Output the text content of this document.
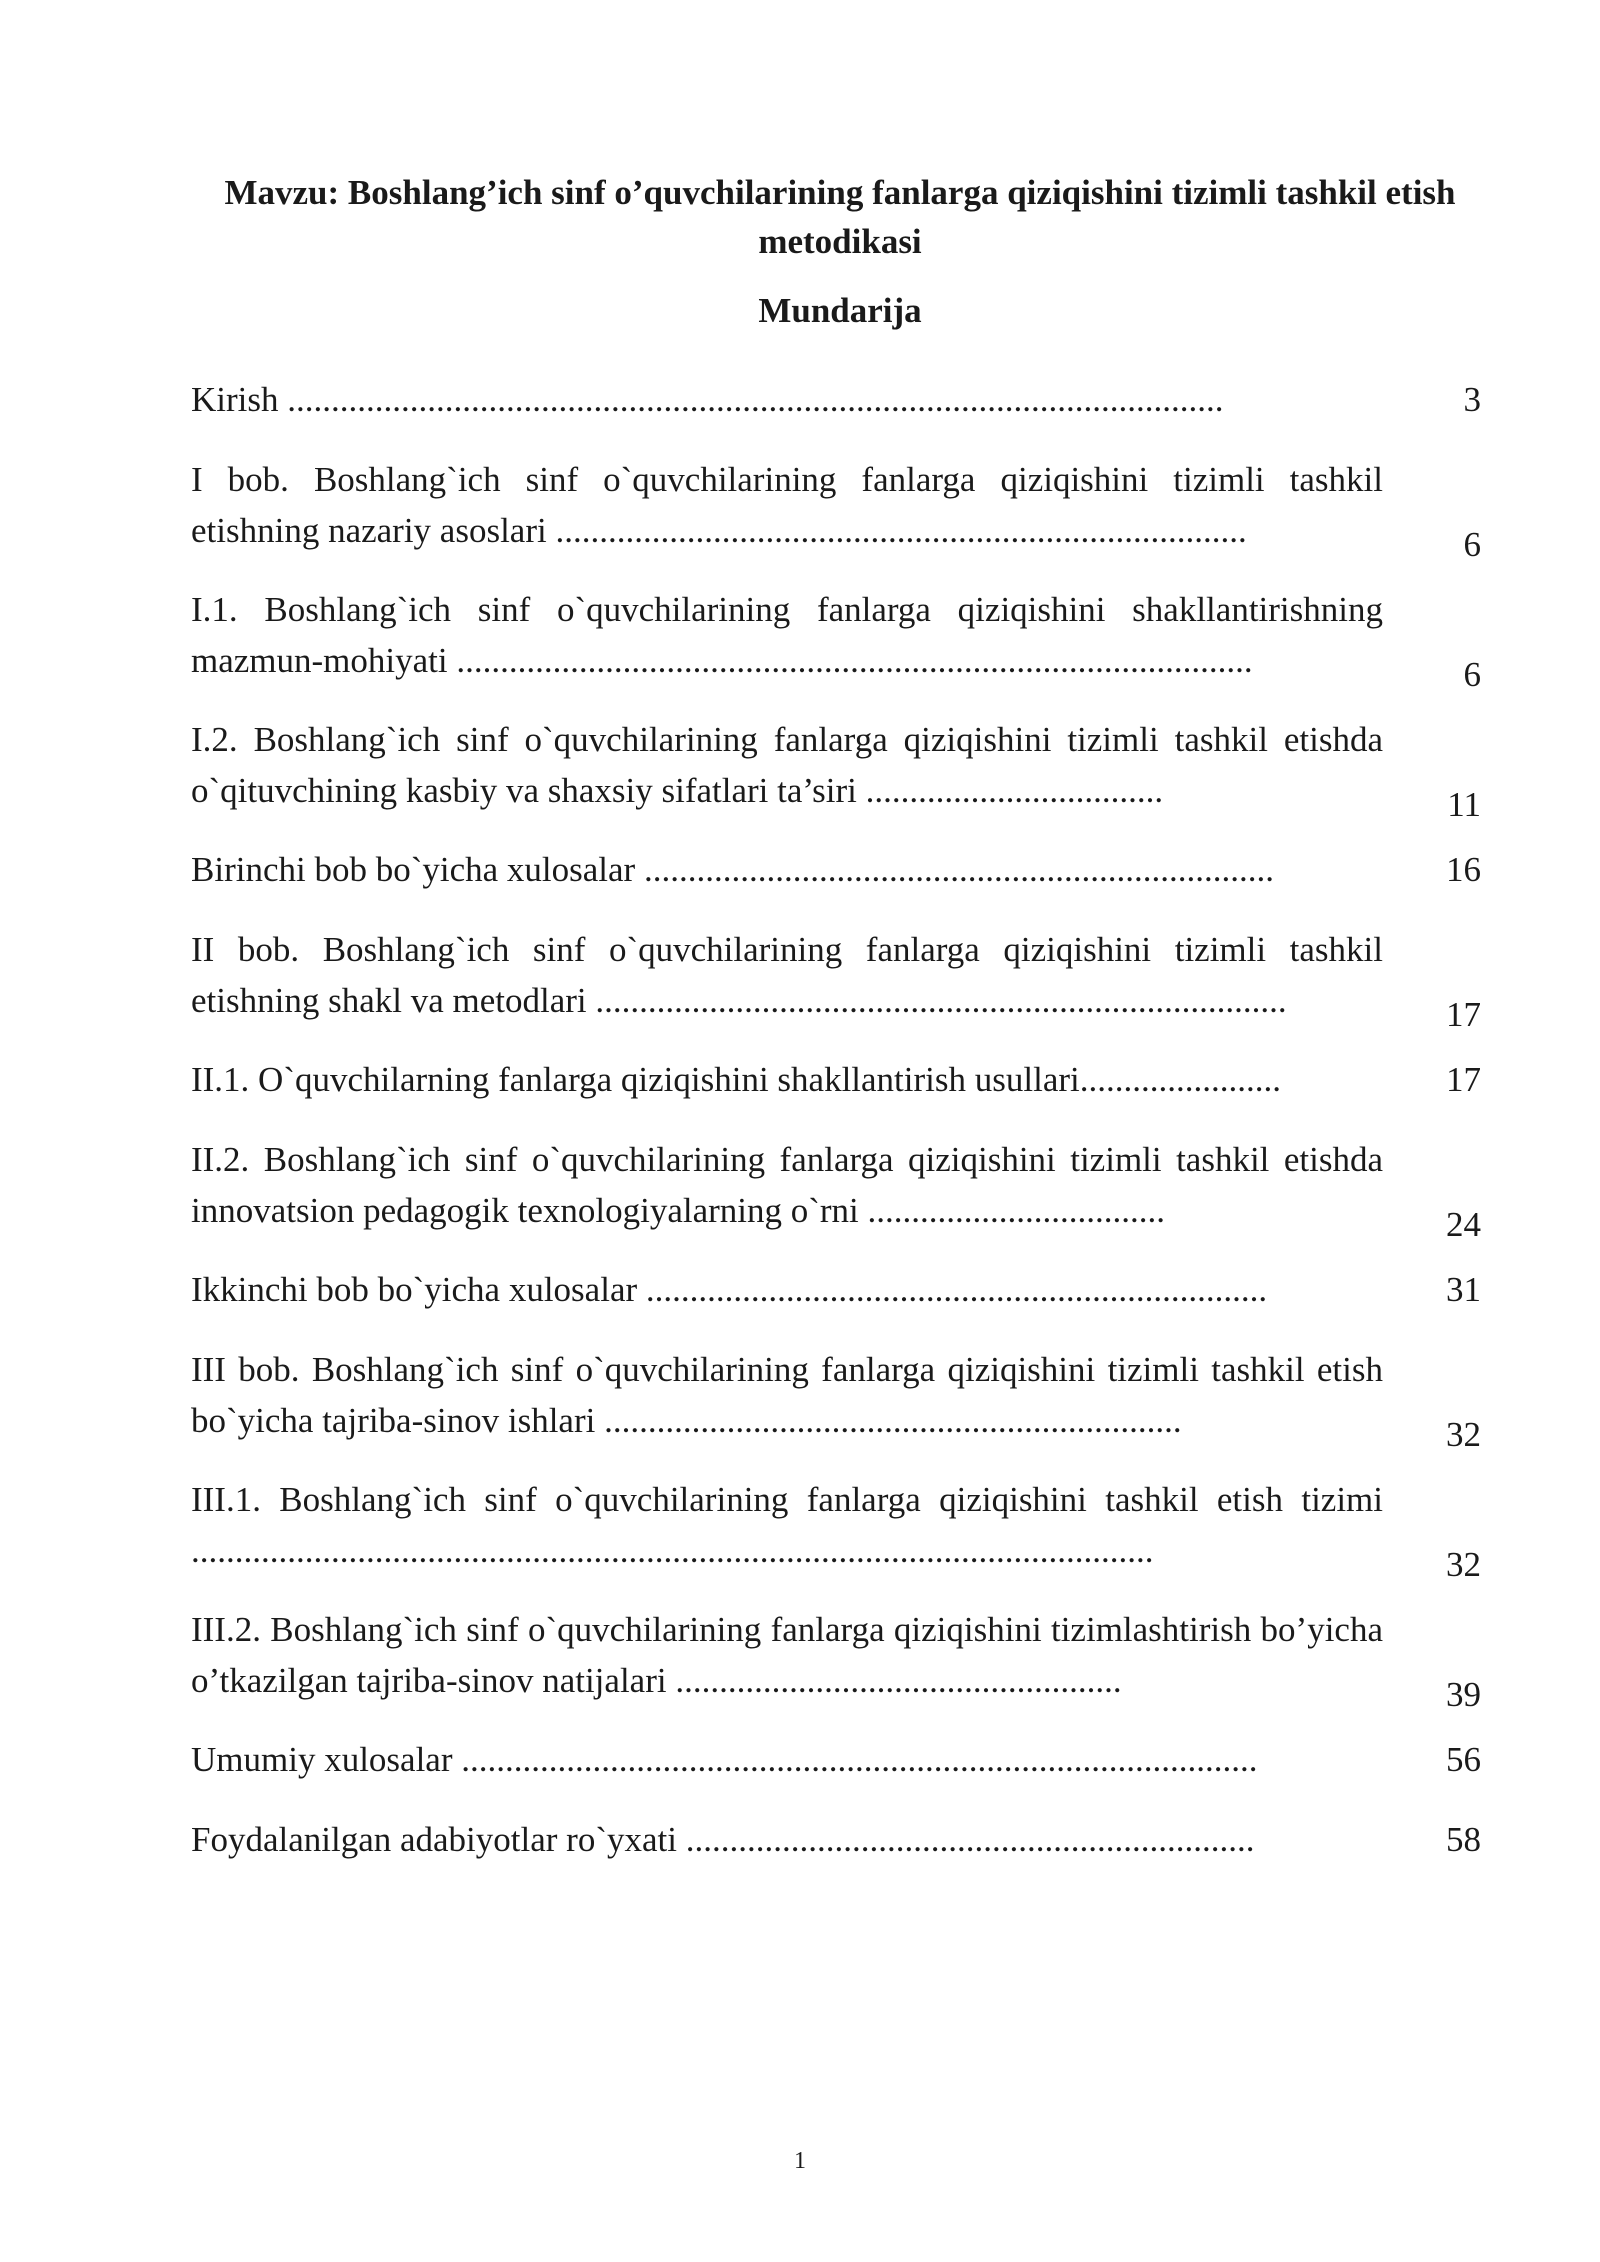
Mavzu: Boshlang’ich sinf o’quvchilarining fanlarga qiziqishini tizimli tashkil etish metodikasi
Mundarija
Kirish ...........................................................................................................	3
I bob. Boshlang`ich sinf o`quvchilarining fanlarga qiziqishini tizimli tashkil etishning nazariy asoslari ...............................................................................	6
I.1. Boshlang`ich sinf o`quvchilarining fanlarga qiziqishini shakllantirishning mazmun-mohiyati ...........................................................................................	6
I.2. Boshlang`ich sinf o`quvchilarining fanlarga qiziqishini tizimli tashkil etishda o`qituvchining kasbiy va shaxsiy sifatlari ta’siri ..................................	11
Birinchi bob bo`yicha xulosalar ........................................................................	16
II bob. Boshlang`ich sinf o`quvchilarining fanlarga qiziqishini tizimli tashkil etishning shakl va metodlari ...............................................................................	17
II.1. O`quvchilarning fanlarga qiziqishini shakllantirish usullari.......................	17
II.2. Boshlang`ich sinf o`quvchilarining fanlarga qiziqishini tizimli tashkil etishda innovatsion pedagogik texnologiyalarning o`rni ..................................	24
Ikkinchi bob bo`yicha xulosalar .......................................................................	31
III bob. Boshlang`ich sinf o`quvchilarining fanlarga qiziqishini tizimli tashkil etish bo`yicha tajriba-sinov ishlari ..................................................................	32
III.1. Boshlang`ich sinf o`quvchilarining fanlarga qiziqishini tashkil etish tizimi ..............................................................................................................	32
III.2. Boshlang`ich sinf o`quvchilarining fanlarga qiziqishini tizimlashtirish bo’yicha o’tkazilgan tajriba-sinov natijalari ...................................................	39
Umumiy xulosalar ...........................................................................................	56
Foydalanilgan adabiyotlar ro`yxati .................................................................	58
1
